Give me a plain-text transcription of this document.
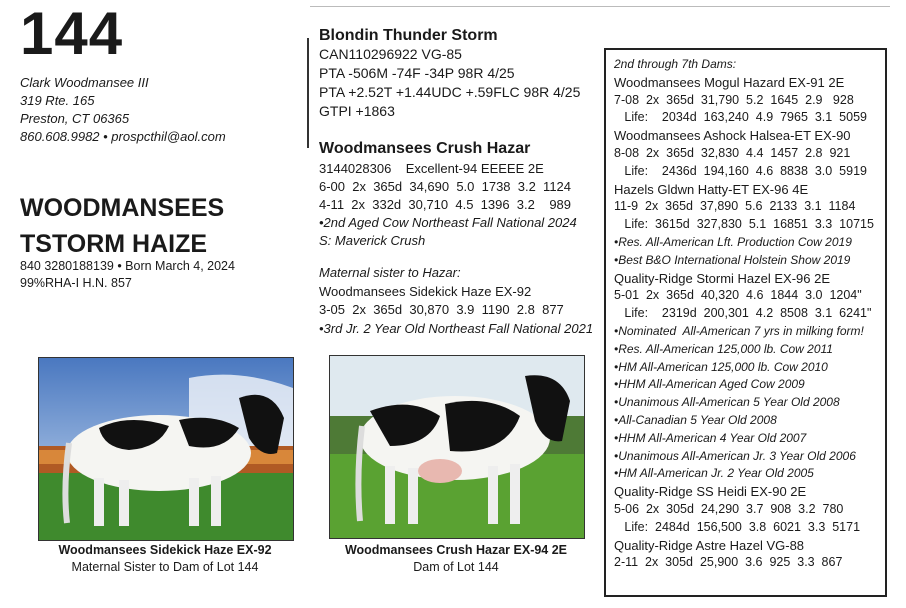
144
Clark Woodmansee III
319 Rte. 165
Preston, CT 06365
860.608.9982 • prospcthil@aol.com
WOODMANSEES
TSTORM HAIZE
840 3280188139 • Born March 4, 2024
99%RHA-I H.N. 857
Blondin Thunder Storm
CAN110296922 VG-85
PTA -506M -74F -34P 98R 4/25
PTA +2.52T +1.44UDC +.59FLC 98R 4/25
GTPI +1863
Woodmansees Crush Hazar
3144028306    Excellent-94 EEEEE 2E
6-00  2x  365d  34,690  5.0  1738  3.2  1124
4-11  2x  332d  30,710  4.5  1396  3.2    989
•2nd Aged Cow Northeast Fall National 2024
S: Maverick Crush
Maternal sister to Hazar:
Woodmansees Sidekick Haze EX-92
3-05  2x  365d  30,870  3.9  1190  2.8  877
•3rd Jr. 2 Year Old Northeast Fall National 2021
Woodmansees Sidekick Haze EX-92
Maternal Sister to Dam of Lot 144
Woodmansees Crush Hazar EX-94 2E
Dam of Lot 144
2nd through 7th Dams:
Woodmansees Mogul Hazard EX-91 2E
7-08  2x  365d  31,790  5.2  1645  2.9   928
Life:    2034d  163,240  4.9  7965  3.1  5059
Woodmansees Ashock Halsea-ET EX-90
8-08  2x  365d  32,830  4.4  1457  2.8  921
Life:    2436d  194,160  4.6  8838  3.0  5919
Hazels Gldwn Hatty-ET EX-96 4E
11-9  2x  365d  37,890  5.6  2133  3.1  1184
Life:  3615d  327,830  5.1  16851  3.3  10715
•Res. All-American Lft. Production Cow 2019
•Best B&O International Holstein Show 2019
Quality-Ridge Stormi Hazel EX-96 2E
5-01  2x  365d  40,320  4.6  1844  3.0  1204"
Life:    2319d  200,301  4.2  8508  3.1  6241"
•Nominated  All-American 7 yrs in milking form!
•Res. All-American 125,000 lb. Cow 2011
•HM All-American 125,000 lb. Cow 2010
•HHM All-American Aged Cow 2009
•Unanimous All-American 5 Year Old 2008
•All-Canadian 5 Year Old 2008
•HHM All-American 4 Year Old 2007
•Unanimous All-American Jr. 3 Year Old 2006
•HM All-American Jr. 2 Year Old 2005
Quality-Ridge SS Heidi EX-90 2E
5-06  2x  305d  24,290  3.7  908  3.2  780
Life:  2484d  156,500  3.8  6021  3.3  5171
Quality-Ridge Astre Hazel VG-88
2-11  2x  305d  25,900  3.6  925  3.3  867
